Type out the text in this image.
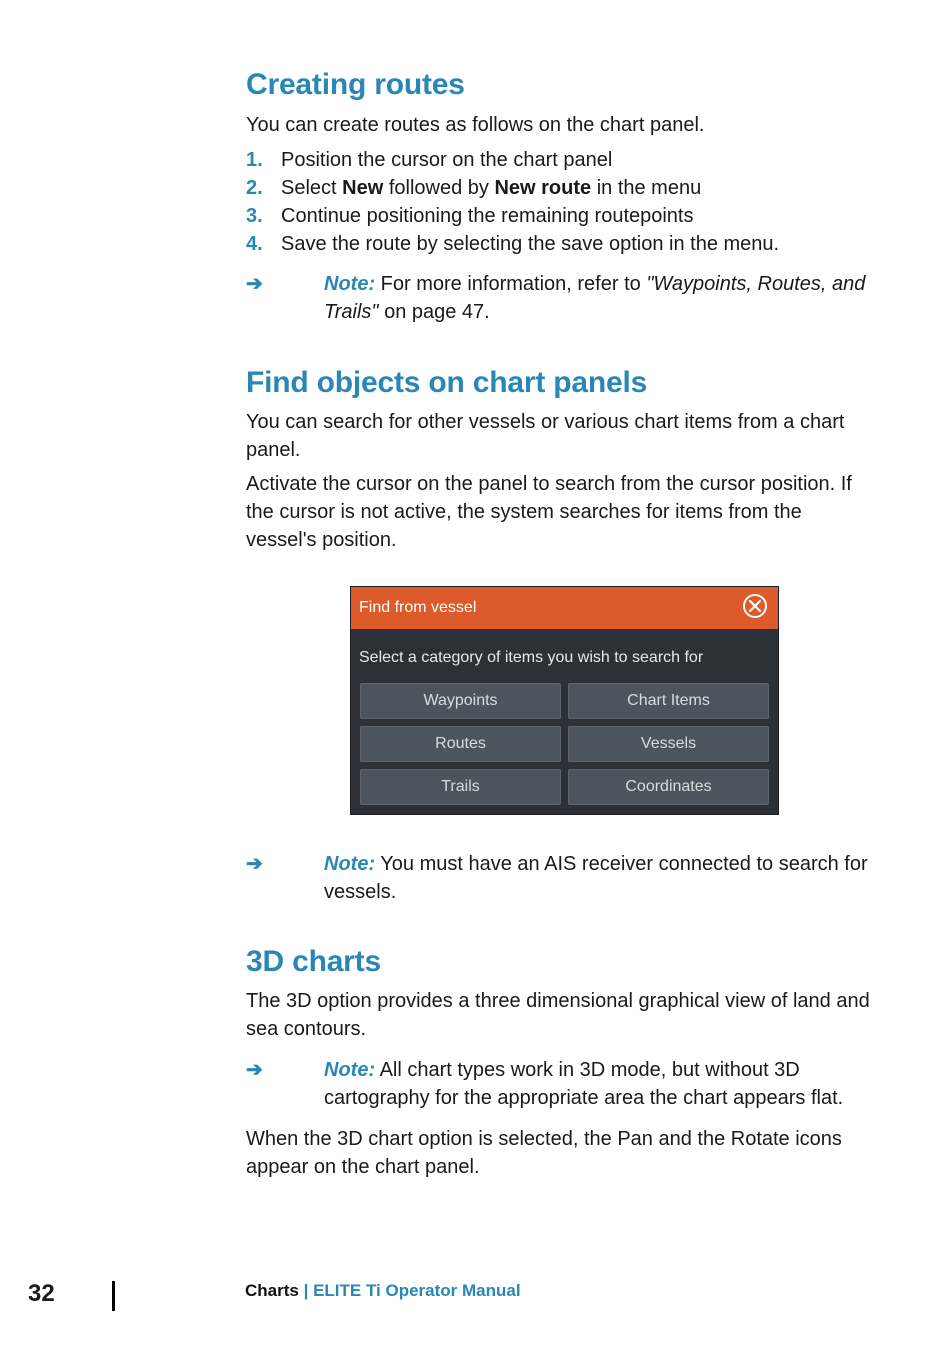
Creating routes

You can create routes as follows on the chart panel.

1. Position the cursor on the chart panel
2. Select New followed by New route in the menu
3. Continue positioning the remaining routepoints
4. Save the route by selecting the save option in the menu.
➔	Note: For more information, refer to "Waypoints, Routes, and Trails" on page 47.
Find objects on chart panels

You can search for other vessels or various chart items from a chart panel.

Activate the cursor on the panel to search from the cursor position. If the cursor is not active, the system searches for items from the vessel's position.

Find from vessel
Select a category of items you wish to search for
Waypoints	Chart Items
Routes	Vessels
Trails	Coordinates
➔	Note: You must have an AIS receiver connected to search for vessels.
3D charts

The 3D option provides a three dimensional graphical view of land and sea contours.

➔	Note: All chart types work in 3D mode, but without 3D cartography for the appropriate area the chart appears flat.

When the 3D chart option is selected, the Pan and the Rotate icons appear on the chart panel.

32	Charts | ELITE Ti Operator Manual
